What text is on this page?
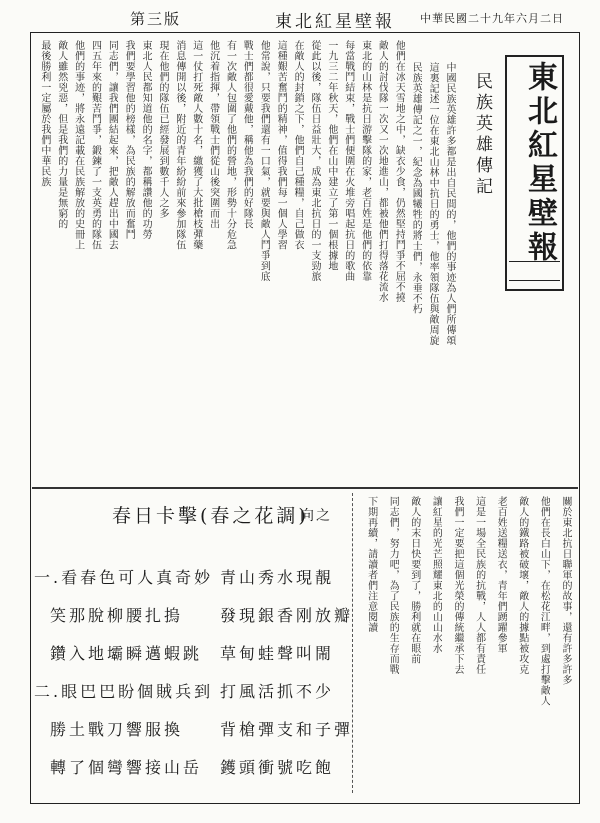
第三版	東北紅星壁報 中華民國二十九年六月二日
東北紅星壁報
民族英雄傳記
中國民族英雄許多都是出自民間的，他們的事迹為人們所傳頌
這裏記述一位在東北山林中抗日的勇士，他率領隊伍與敵周旋
民族英雄傳記之一，紀念為國犧牲的將士們，永垂不朽
他們在冰天雪地之中，缺衣少食，仍然堅持鬥爭不屈不撓
敵人的討伐隊一次又一次地進山，都被他們打得落花流水
東北的山林是抗日游擊隊的家，老百姓是他們的依靠
每當戰鬥結束，戰士們便圍在火堆旁唱起抗日的歌曲
一九三二年秋天，他們在山中建立了第一個根據地
從此以後，隊伍日益壯大，成為東北抗日的一支勁旅
在敵人的封鎖之下，他們自己種糧，自己做衣
這種艱苦奮鬥的精神，值得我們每一個人學習
他常說，只要我們還有一口氣，就要與敵人鬥爭到底
戰士們都很愛戴他，稱他為我們的好隊長
有一次敵人包圍了他們的營地，形勢十分危急
他沉着指揮，帶領戰士們從山後突圍而出
這一仗打死敵人數十名，繳獲了大批槍枝彈藥
消息傳開以後，附近的青年紛紛前來參加隊伍
現在他們的隊伍已經發展到數千人之多
東北人民都知道他的名字，都稱讚他的功勞
我們要學習他的榜樣，為民族的解放而奮鬥
同志們，讓我們團結起來，把敵人趕出中國去
四五年來的艱苦鬥爭，鍛鍊了一支英勇的隊伍
他們的事迹，將永遠記載在民族解放的史冊上
敵人雖然兇惡，但是我們的力量是無窮的
最後勝利一定屬於我們中華民族
關於東北抗日聯軍的故事，還有許多許多
他們在長白山下，在松花江畔，到處打擊敵人
敵人的鐵路被破壞，敵人的據點被攻克
老百姓送糧送衣，青年們踴躍參軍
這是一場全民族的抗戰，人人都有責任
我們一定要把這個光榮的傳統繼承下去
讓紅星的光芒照耀東北的山山水水
敵人的末日快要到了，勝利就在眼前
同志們，努力吧，為了民族的生存而戰
下期再續，請讀者們注意閱讀
春日卡擊(春之花調)
向之
一.看春色可人真奇妙
笑那脫柳腰扎摀
鑽入地壩瞬邁蝦跳
二.眼巴巴盼個賊兵到
勝土戰刀響服換
轉了個彎響接山岳
青山秀水現靚
發現銀香刚放瓣
草甸蛙聲叫閙
打風活抓不少
背槍彈支和子彈
鑊頭衝號吃飽
